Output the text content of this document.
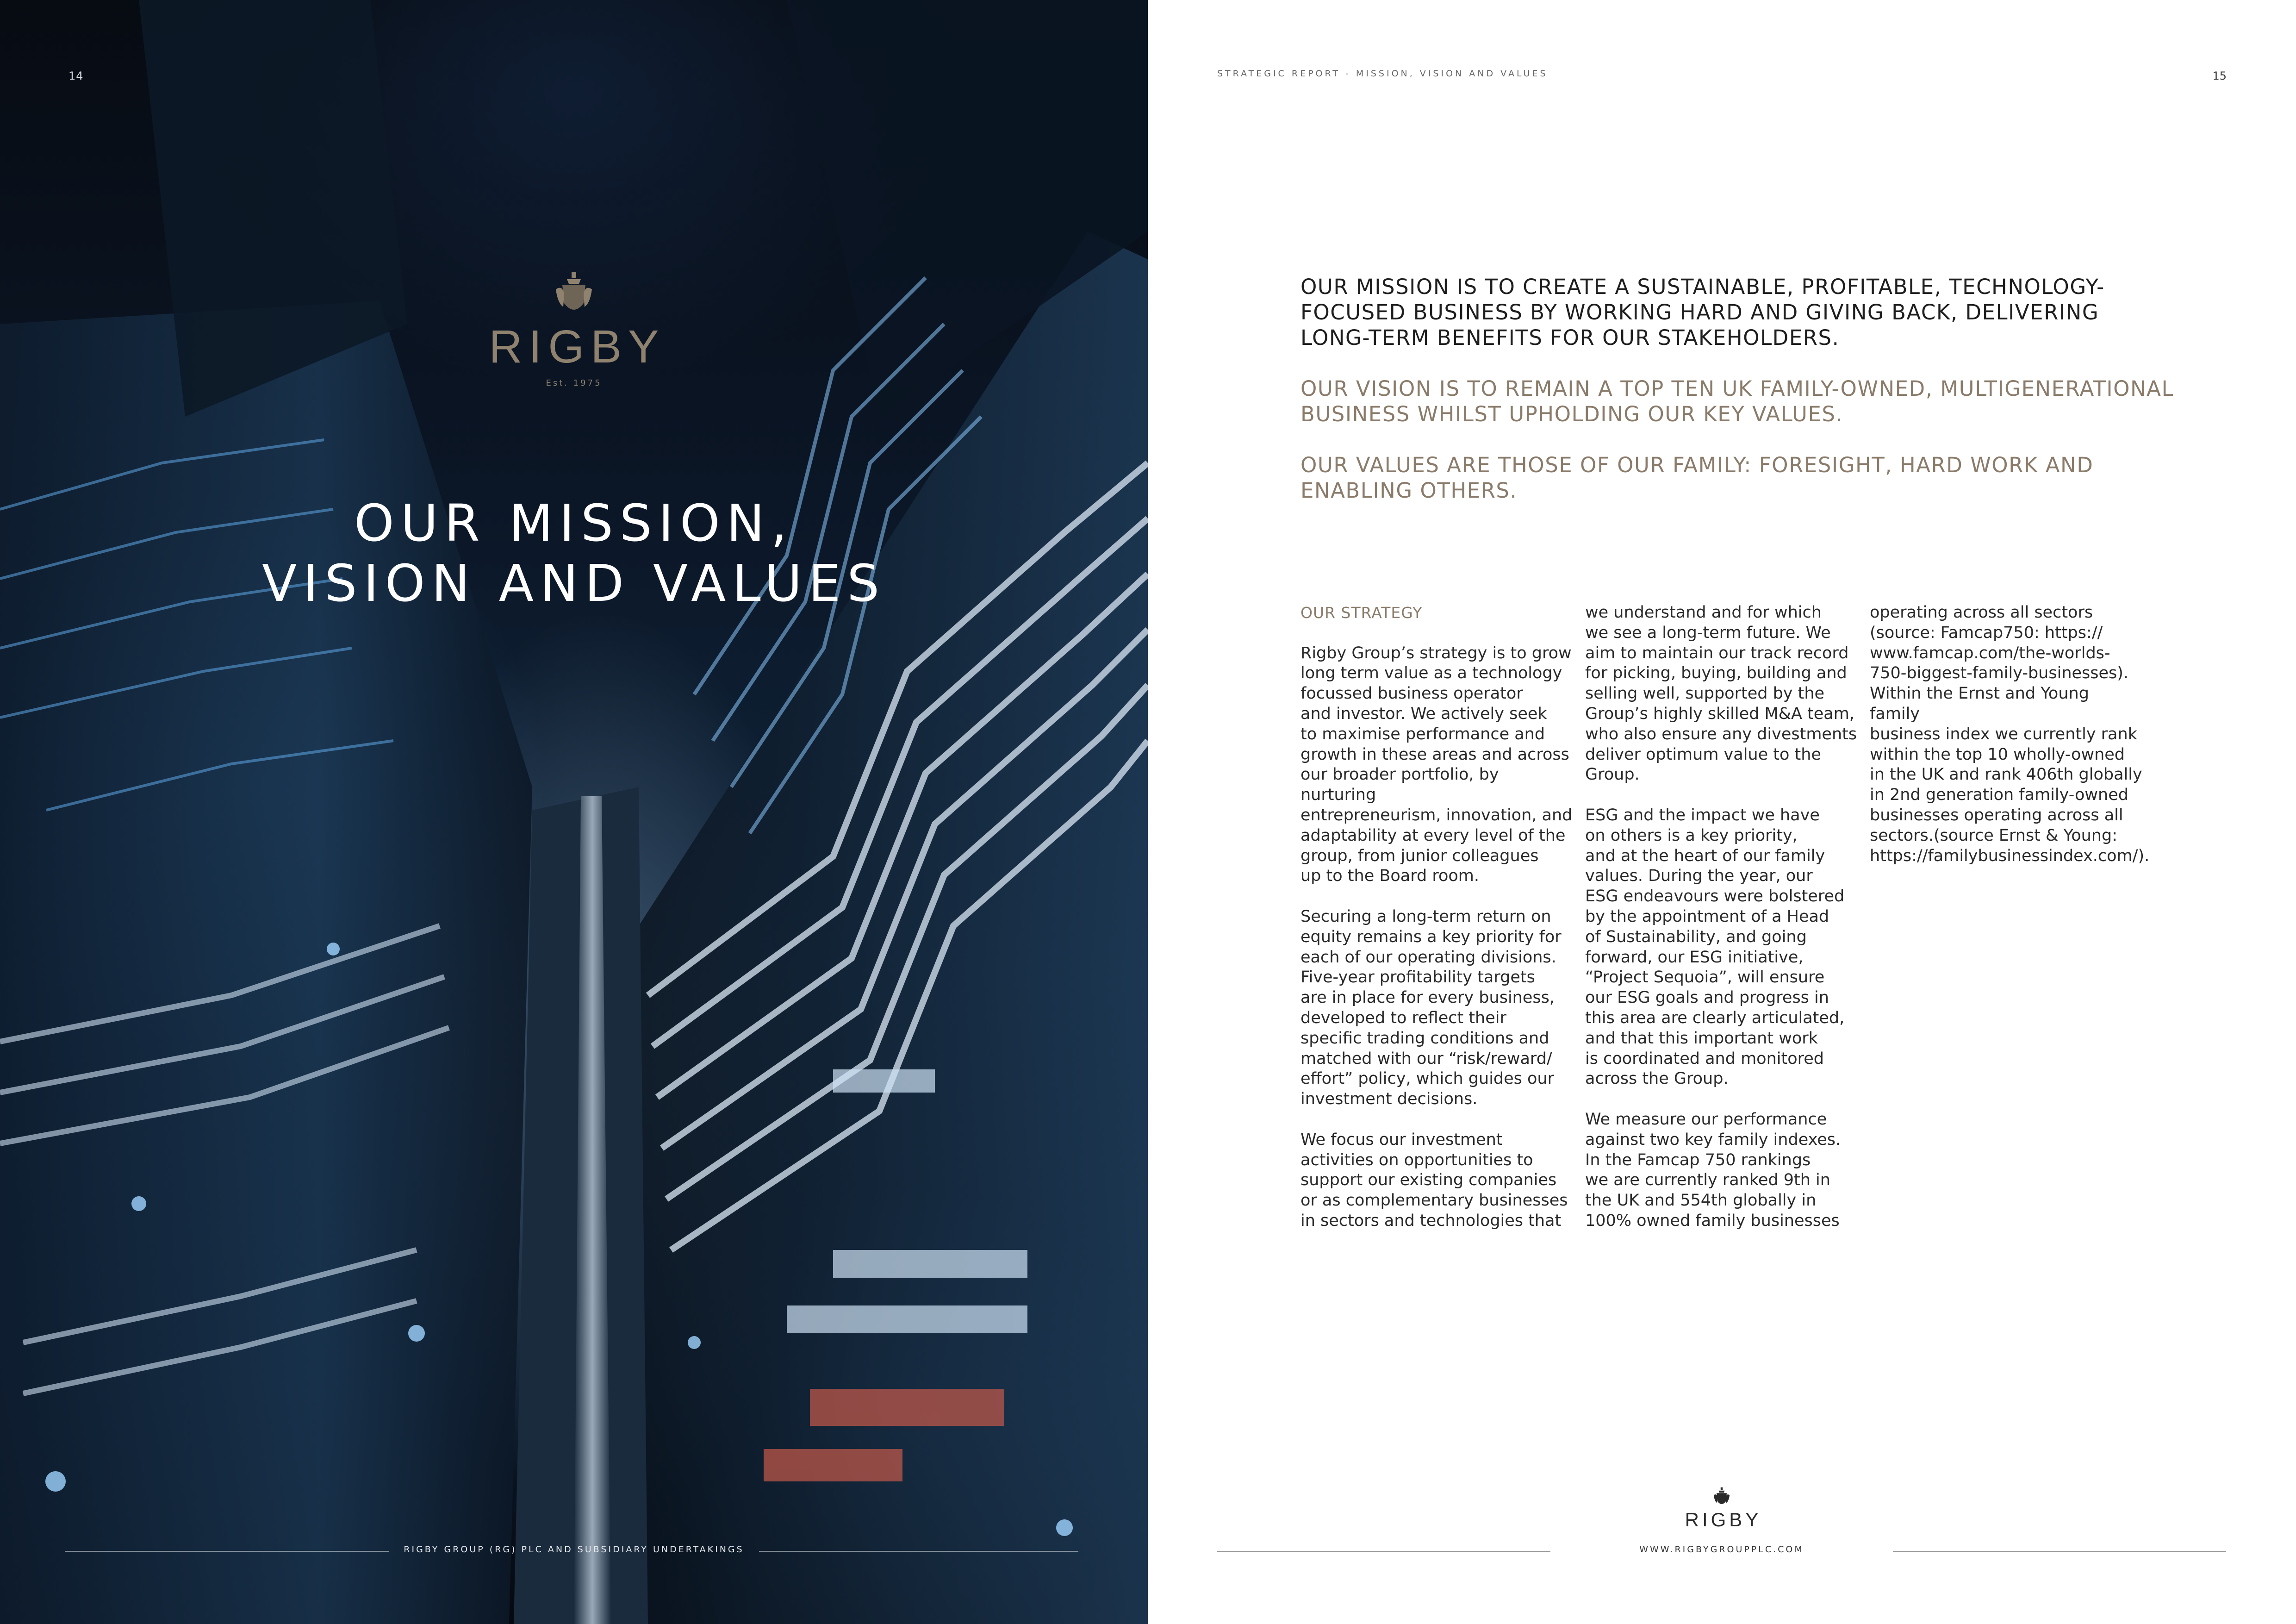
14
RIGBY
Est. 1975
OUR MISSION,
VISION AND VALUES
RIGBY GROUP (RG) PLC AND SUBSIDIARY UNDERTAKINGS
STRATEGIC REPORT - MISSION, VISION AND VALUES	15
OUR MISSION IS TO CREATE A SUSTAINABLE, PROFITABLE, TECHNOLOGY-
FOCUSED BUSINESS BY WORKING HARD AND GIVING BACK, DELIVERING
LONG-TERM BENEFITS FOR OUR STAKEHOLDERS.
OUR VISION IS TO REMAIN A TOP TEN UK FAMILY-OWNED, MULTIGENERATIONAL
BUSINESS WHILST UPHOLDING OUR KEY VALUES.
OUR VALUES ARE THOSE OF OUR FAMILY: FORESIGHT, HARD WORK AND
ENABLING OTHERS.
OUR STRATEGY

Rigby Group’s strategy is to grow
long term value as a technology
focussed business operator
and investor. We actively seek
to maximise performance and
growth in these areas and across
our broader portfolio, by nurturing
entrepreneurism, innovation, and
adaptability at every level of the
group, from junior colleagues
up to the Board room.

Securing a long-term return on
equity remains a key priority for
each of our operating divisions.
Five-year profitability targets
are in place for every business,
developed to reflect their
specific trading conditions and
matched with our “risk/reward/
effort” policy, which guides our
investment decisions.

We focus our investment
activities on opportunities to
support our existing companies
or as complementary businesses
in sectors and technologies that

we understand and for which
we see a long-term future. We
aim to maintain our track record
for picking, buying, building and
selling well, supported by the
Group’s highly skilled M&A team,
who also ensure any divestments
deliver optimum value to the Group.

ESG and the impact we have
on others is a key priority,
and at the heart of our family
values. During the year, our
ESG endeavours were bolstered
by the appointment of a Head
of Sustainability, and going
forward, our ESG initiative,
“Project Sequoia”, will ensure
our ESG goals and progress in
this area are clearly articulated,
and that this important work
is coordinated and monitored
across the Group.

We measure our performance
against two key family indexes.
In the Famcap 750 rankings
we are currently ranked 9th in
the UK and 554th globally in
100% owned family businesses

operating across all sectors
(source: Famcap750: https://
www.famcap.com/the-worlds-
750-biggest-family-businesses).
Within the Ernst and Young family
business index we currently rank
within the top 10 wholly-owned
in the UK and rank 406th globally
in 2nd generation family-owned
businesses operating across all
sectors.(source Ernst & Young:
https://familybusinessindex.com/).

RIGBY
WWW.RIGBYGROUPPLC.COM
